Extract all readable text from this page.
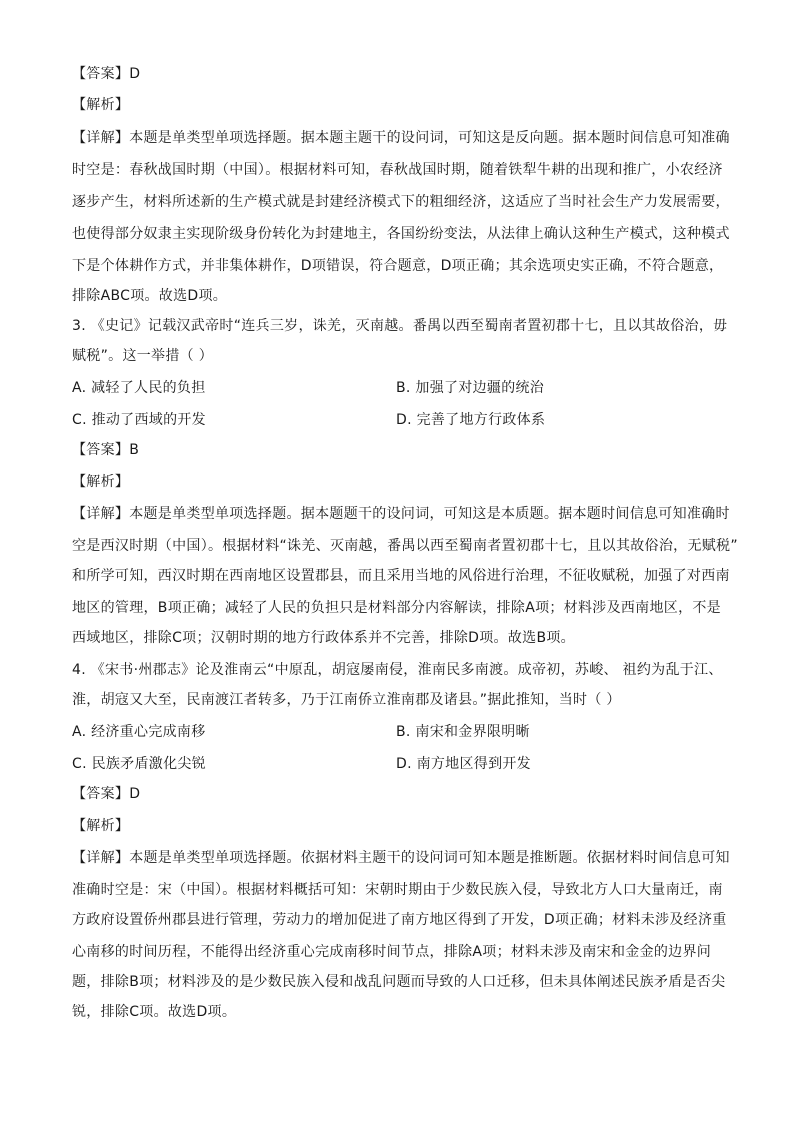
【答案】D
【解析】
【详解】本题是单类型单项选择题。据本题主题干的设问词，可知这是反向题。据本题时间信息可知准确
时空是：春秋战国时期（中国）。根据材料可知，春秋战国时期，随着铁犁牛耕的出现和推广，小农经济
逐步产生，材料所述新的生产模式就是封建经济模式下的粗细经济，这适应了当时社会生产力发展需要，
也使得部分奴隶主实现阶级身份转化为封建地主，各国纷纷变法，从法律上确认这种生产模式，这种模式
下是个体耕作方式，并非集体耕作，D项错误，符合题意，D项正确；其余选项史实正确，不符合题意，
排除ABC项。故选D项。
3. 《史记》记载汉武帝时“连兵三岁，诛羌，灭南越。番禺以西至蜀南者置初郡十七，且以其故俗治，毋
赋税”。这一举措（ ）
A. 减轻了人民的负担	B. 加强了对边疆的统治
C. 推动了西域的开发	D. 完善了地方行政体系
【答案】B
【解析】
【详解】本题是单类型单项选择题。据本题题干的设问词，可知这是本质题。据本题时间信息可知准确时
空是西汉时期（中国）。根据材料“诛羌、灭南越，番禺以西至蜀南者置初郡十七，且以其故俗治，无赋税”
和所学可知，西汉时期在西南地区设置郡县，而且采用当地的风俗进行治理，不征收赋税，加强了对西南
地区的管理，B项正确；减轻了人民的负担只是材料部分内容解读，排除A项；材料涉及西南地区，不是
西域地区，排除C项；汉朝时期的地方行政体系并不完善，排除D项。故选B项。
4. 《宋书·州郡志》论及淮南云“中原乱，胡寇屡南侵，淮南民多南渡。成帝初，苏峻、 祖约为乱于江、
淮，胡寇又大至，民南渡江者转多，乃于江南侨立淮南郡及诸县。”据此推知，当时（ ）
A. 经济重心完成南移	B. 南宋和金界限明晰
C. 民族矛盾激化尖锐	D. 南方地区得到开发
【答案】D
【解析】
【详解】本题是单类型单项选择题。依据材料主题干的设问词可知本题是推断题。依据材料时间信息可知
准确时空是：宋（中国）。根据材料概括可知：宋朝时期由于少数民族入侵，导致北方人口大量南迁，南
方政府设置侨州郡县进行管理，劳动力的增加促进了南方地区得到了开发，D项正确；材料未涉及经济重
心南移的时间历程，不能得出经济重心完成南移时间节点，排除A项；材料未涉及南宋和金金的边界问
题，排除B项；材料涉及的是少数民族入侵和战乱问题而导致的人口迁移，但未具体阐述民族矛盾是否尖
锐，排除C项。故选D项。
